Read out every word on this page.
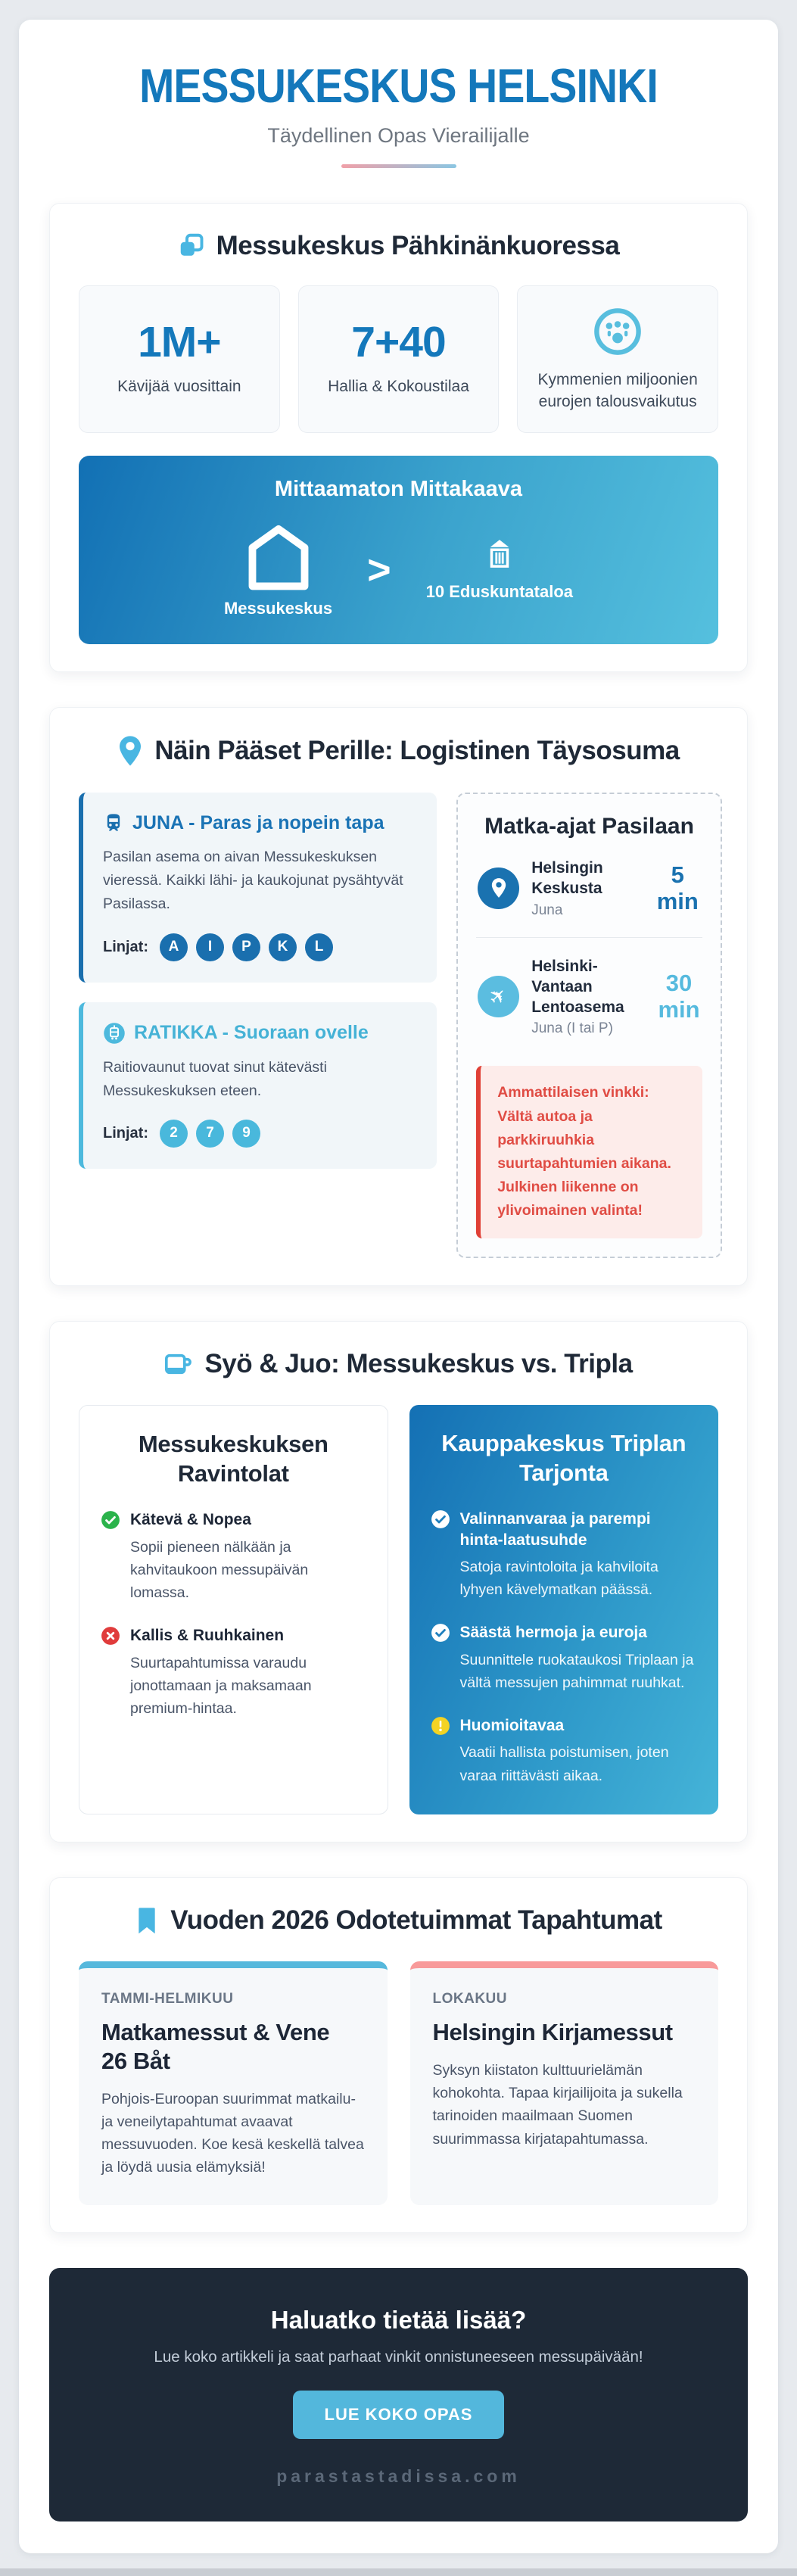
MESSUKESKUS HELSINKI
Täydellinen Opas Vierailijalle
Messukeskus Pähkinänkuoressa
1M+
Kävijää vuosittain
7+40
Hallia & Kokoustilaa	Kymmenien miljoonien eurojen talousvaikutus
Mittaamaton Mittakaava
Messukeskus
> 10 Eduskuntataloa
Näin Pääset Perille: Logistinen Täysosuma
JUNA - Paras ja nopein tapa
Pasilan asema on aivan Messukeskuksen vieressä. Kaikki lähi- ja kaukojunat pysähtyvät Pasilassa.
Linjat:	A	I	P	K	L
RATIKKA - Suoraan ovelle
Raitiovaunut tuovat sinut kätevästi Messukeskuksen eteen.
Linjat:	2	7	9
Matka-ajat Pasilaan
Helsingin Keskusta
Juna
5 min
✈
Helsinki-Vantaan Lentoasema
Juna (I tai P)
30 min
Ammattilaisen vinkki: Vältä autoa ja parkkiruuhkia suurtapahtumien aikana. Julkinen liikenne on ylivoimainen valinta!
Syö & Juo: Messukeskus vs. Tripla
Messukeskuksen Ravintolat
Kätevä & Nopea
Sopii pieneen nälkään ja kahvitaukoon messupäivän lomassa.
Kallis & Ruuhkainen
Suurtapahtumissa varaudu jonottamaan ja maksamaan premium-hintaa.
Kauppakeskus Triplan Tarjonta
Valinnanvaraa ja parempi hinta-laatusuhde
Satoja ravintoloita ja kahviloita lyhyen kävelymatkan päässä.
Säästä hermoja ja euroja
Suunnittele ruokataukosi Triplaan ja vältä messujen pahimmat ruuhkat.
Huomioitavaa
Vaatii hallista poistumisen, joten varaa riittävästi aikaa.
Vuoden 2026 Odotetuimmat Tapahtumat
TAMMI-HELMIKUU
Matkamessut & Vene 26 Båt
Pohjois-Euroopan suurimmat matkailu- ja veneilytapahtumat avaavat messuvuoden. Koe kesä keskellä talvea ja löydä uusia elämyksiä!
LOKAKUU
Helsingin Kirjamessut
Syksyn kiistaton kulttuurielämän kohokohta. Tapaa kirjailijoita ja sukella tarinoiden maailmaan Suomen suurimmassa kirjatapahtumassa.
Haluatko tietää lisää?
Lue koko artikkeli ja saat parhaat vinkit onnistuneeseen messupäivään!
LUE KOKO OPAS
parastastadissa.com
